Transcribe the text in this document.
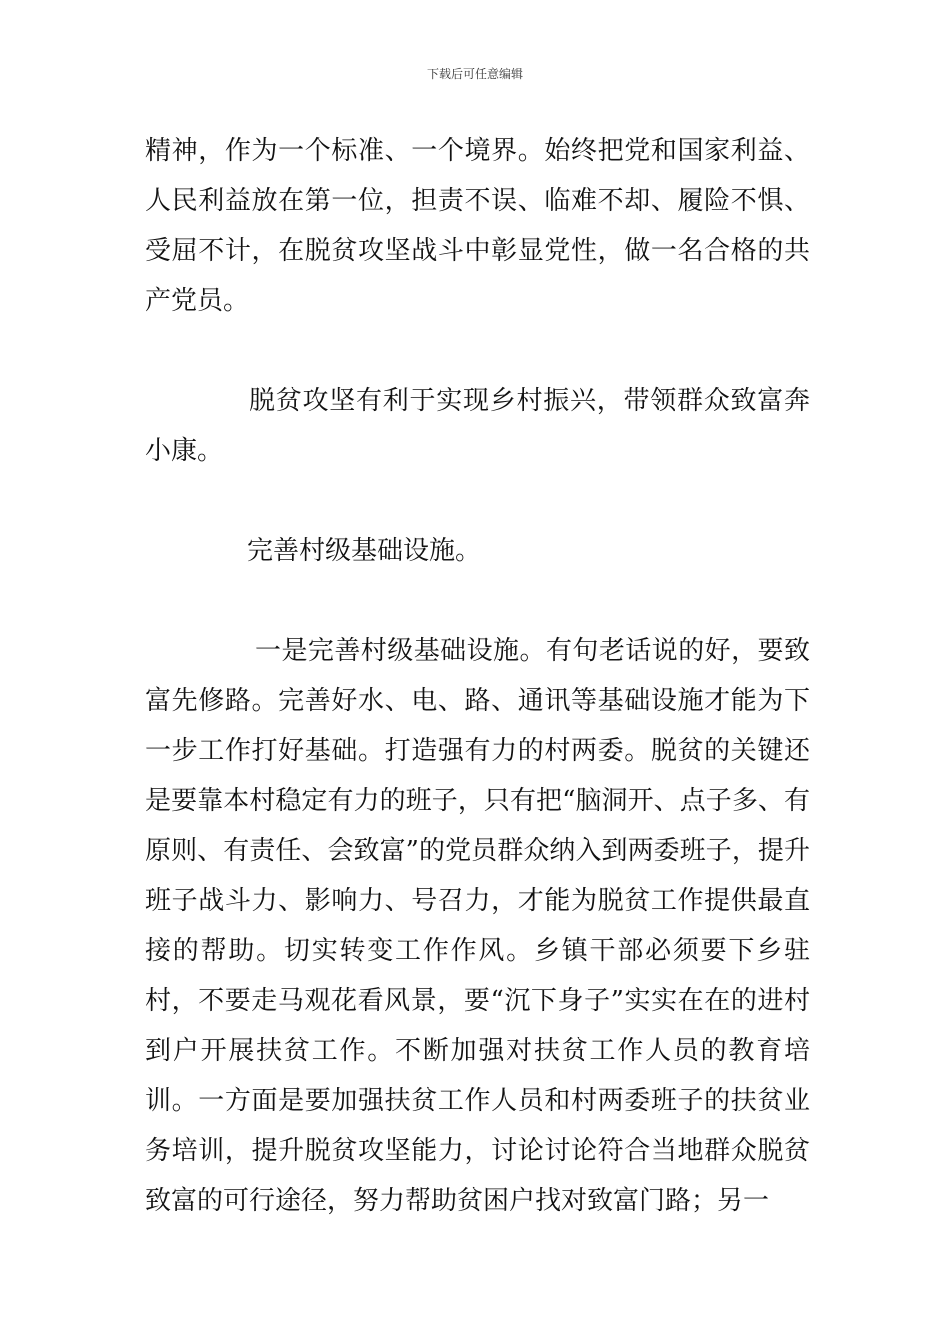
下载后可任意编辑

精神，作为一个标准、一个境界。始终把党和国家利益、人民利益放在第一位，担责不误、临难不却、履险不惧、受屈不计，在脱贫攻坚战斗中彰显党性，做一名合格的共产党员。

脱贫攻坚有利于实现乡村振兴，带领群众致富奔小康。

完善村级基础设施。

一是完善村级基础设施。有句老话说的好，要致富先修路。完善好水、电、路、通讯等基础设施才能为下一步工作打好基础。打造强有力的村两委。脱贫的关键还是要靠本村稳定有力的班子，只有把“脑洞开、点子多、有原则、有责任、会致富”的党员群众纳入到两委班子，提升班子战斗力、影响力、号召力，才能为脱贫工作提供最直接的帮助。切实转变工作作风。乡镇干部必须要下乡驻村，不要走马观花看风景，要“沉下身子”实实在在的进村到户开展扶贫工作。不断加强对扶贫工作人员的教育培训。一方面是要加强扶贫工作人员和村两委班子的扶贫业务培训，提升脱贫攻坚能力，讨论讨论符合当地群众脱贫致富的可行途径，努力帮助贫困户找对致富门路；另一
